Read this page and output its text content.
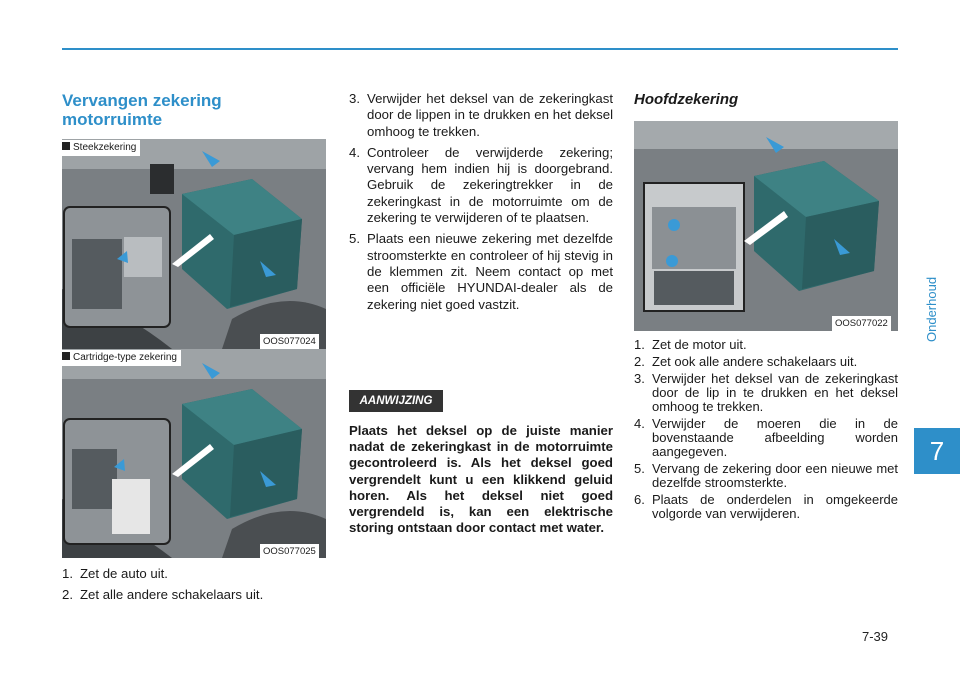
Vervangen zekering
motorruimte
Steekzekering
OOS077024
Cartridge-type zekering
OOS077025
1. Zet de auto uit.
2. Zet alle andere schakelaars uit.
3. Verwijder het deksel van de zekeringkast door de lippen in te drukken en het deksel omhoog te trekken.
4. Controleer de verwijderde zekering; vervang hem indien hij is doorgebrand. Gebruik de zekeringtrekker in de zekeringkast in de motorruimte om de zekering te verwijderen of te plaatsen.
5. Plaats een nieuwe zekering met dezelfde stroomsterkte en controleer of hij stevig in de klemmen zit. Neem contact op met een officiële HYUNDAI-dealer als de zekering niet goed vastzit.
AANWIJZING
Plaats het deksel op de juiste manier nadat de zekeringkast in de motorruimte gecontroleerd is. Als het deksel goed vergrendelt kunt u een klikkend geluid horen. Als het deksel niet goed vergrendeld is, kan een elektrische storing ontstaan door contact met water.
Hoofdzekering
OOS077022
1. Zet de motor uit.
2. Zet ook alle andere schakelaars uit.
3. Verwijder het deksel van de zekeringkast door de lip in te drukken en het deksel omhoog te trekken.
4. Verwijder de moeren die in de bovenstaande afbeelding worden aangegeven.
5. Vervang de zekering door een nieuwe met dezelfde stroomsterkte.
6. Plaats de onderdelen in omgekeerde volgorde van verwijderen.
Onderhoud
7
7-39
